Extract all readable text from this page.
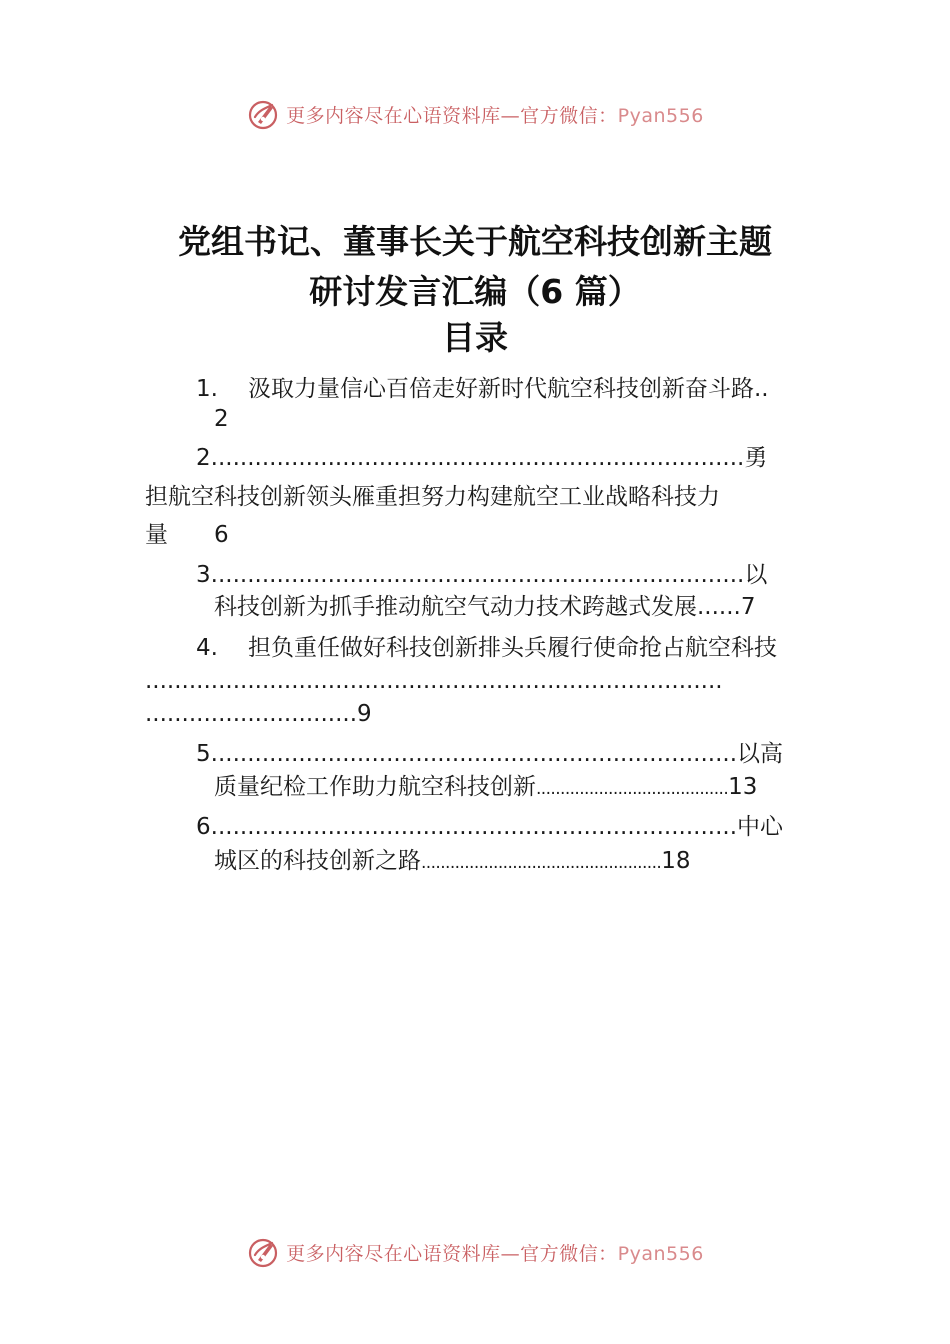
更多内容尽在心语资料库—官方微信：Pyan556
党组书记、董事长关于航空科技创新主题
研讨发言汇编（6 篇）
目录
1. 汲取力量信心百倍走好新时代航空科技创新奋斗路..
2
2.........................................................................勇
担航空科技创新领头雁重担努力构建航空工业战略科技力
量 6
3.........................................................................以
科技创新为抓手推动航空气动力技术跨越式发展......7
4. 担负重任做好科技创新排头兵履行使命抢占航空科技
...............................................................................
.............................9
5........................................................................以高
质量纪检工作助力航空科技创新........................................13
6........................................................................中心
城区的科技创新之路..................................................18
更多内容尽在心语资料库—官方微信：Pyan556
